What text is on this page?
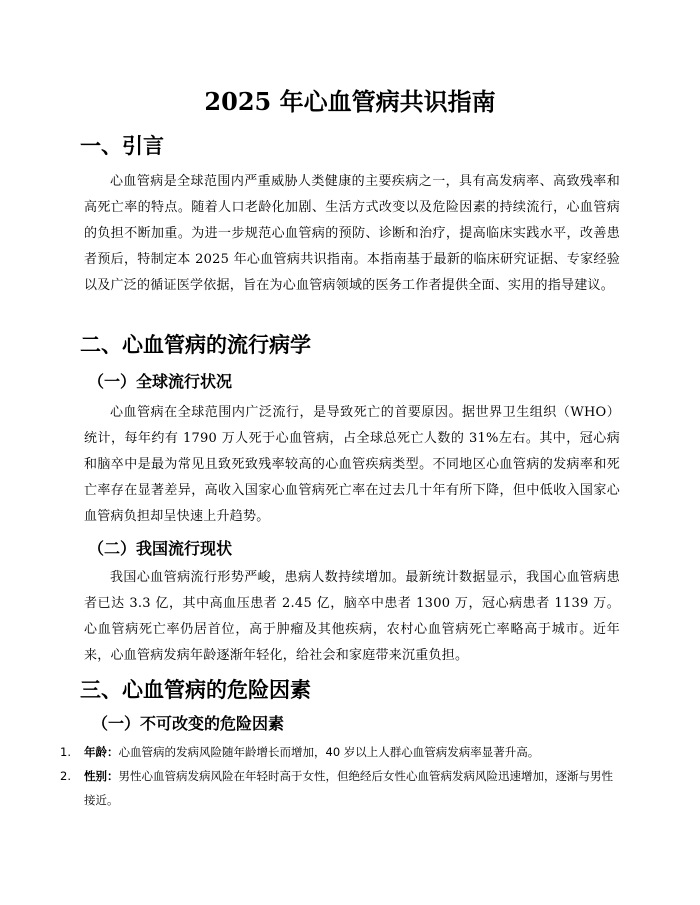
2025 年心血管病共识指南
一、引言

心血管病是全球范围内严重威胁人类健康的主要疾病之一，具有高发病率、高致残率和高死亡率的特点。随着人口老龄化加剧、生活方式改变以及危险因素的持续流行，心血管病的负担不断加重。为进一步规范心血管病的预防、诊断和治疗，提高临床实践水平，改善患者预后，特制定本 2025 年心血管病共识指南。本指南基于最新的临床研究证据、专家经验以及广泛的循证医学依据，旨在为心血管病领域的医务工作者提供全面、实用的指导建议。

二、心血管病的流行病学
（一）全球流行状况

心血管病在全球范围内广泛流行，是导致死亡的首要原因。据世界卫生组织（WHO）统计，每年约有 1790 万人死于心血管病，占全球总死亡人数的 31%左右。其中，冠心病和脑卒中是最为常见且致死致残率较高的心血管疾病类型。不同地区心血管病的发病率和死亡率存在显著差异，高收入国家心血管病死亡率在过去几十年有所下降，但中低收入国家心血管病负担却呈快速上升趋势。

（二）我国流行现状

我国心血管病流行形势严峻，患病人数持续增加。最新统计数据显示，我国心血管病患者已达 3.3 亿，其中高血压患者 2.45 亿，脑卒中患者 1300 万，冠心病患者 1139 万。心血管病死亡率仍居首位，高于肿瘤及其他疾病，农村心血管病死亡率略高于城市。近年来，心血管病发病年龄逐渐年轻化，给社会和家庭带来沉重负担。

三、心血管病的危险因素
（一）不可改变的危险因素
1. 年龄：心血管病的发病风险随年龄增长而增加，40 岁以上人群心血管病发病率显著升高。
2. 性别：男性心血管病发病风险在年轻时高于女性，但绝经后女性心血管病发病风险迅速增加，逐渐与男性接近。
